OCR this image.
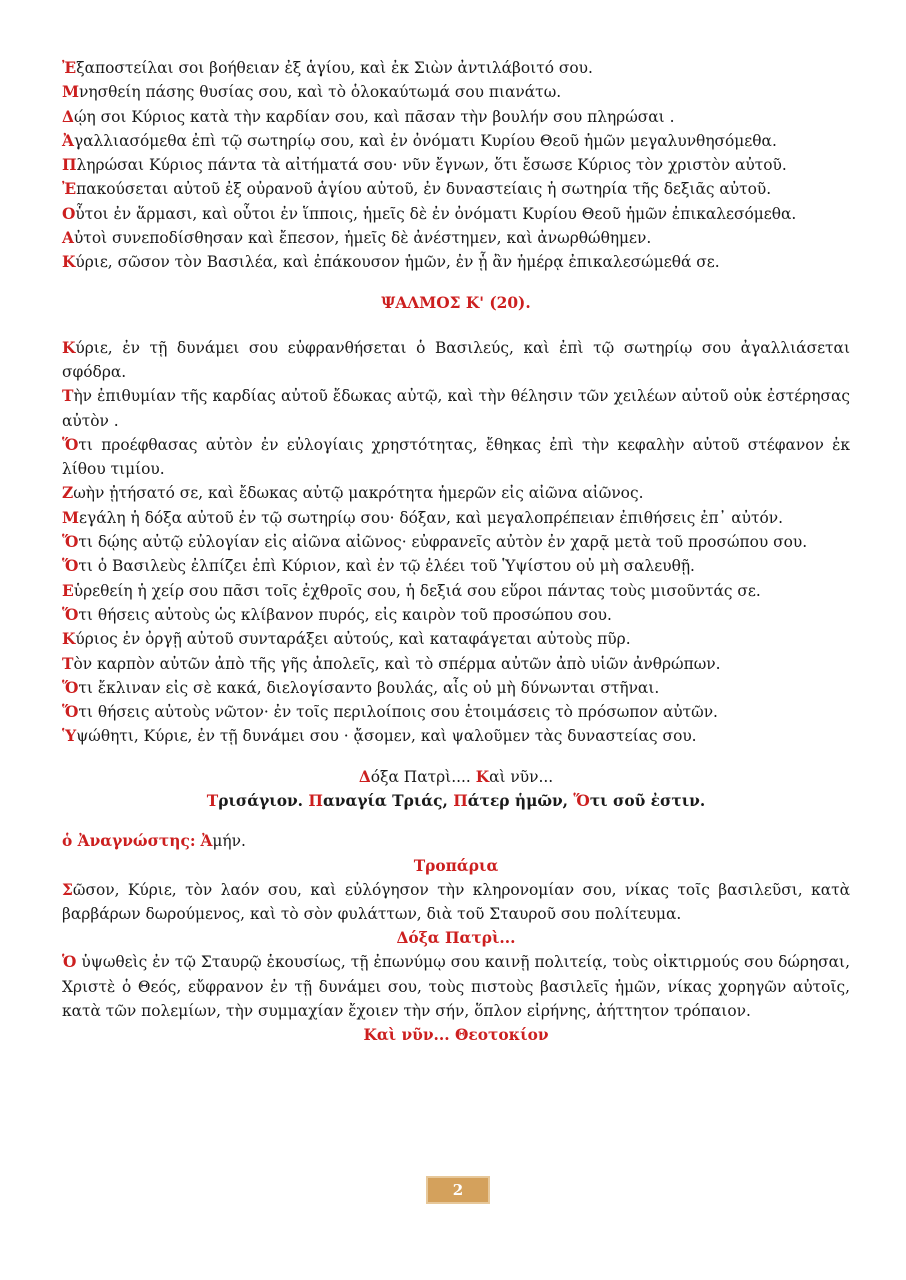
Ἐξαποστείλαι σοι βοήθειαν ἐξ ἁγίου, καὶ ἐκ Σιὼν ἀντιλάβοιτό σου.

Μνησθείη πάσης θυσίας σου, καὶ τὸ ὁλοκαύτωμά σου πιανάτω.

Δῴη σοι Κύριος κατὰ τὴν καρδίαν σου, καὶ πᾶσαν τὴν βουλήν σου πληρώσαι .

Ἀγαλλιασόμεθα ἐπὶ τῷ σωτηρίῳ σου, καὶ ἐν ὀνόματι Κυρίου Θεοῦ ἡμῶν μεγαλυνθησόμεθα.

Πληρώσαι Κύριος πάντα τὰ αἰτήματά σου· νῦν ἔγνων, ὅτι ἔσωσε Κύριος τὸν χριστὸν αὐτοῦ.

Ἐπακούσεται αὐτοῦ ἐξ οὐρανοῦ ἁγίου αὐτοῦ, ἐν δυναστείαις ἡ σωτηρία τῆς δεξιᾶς αὐτοῦ.

Οὗτοι ἐν ἅρμασι, καὶ οὗτοι ἐν ἵπποις, ἡμεῖς δὲ ἐν ὀνόματι Κυρίου Θεοῦ ἡμῶν ἐπικαλεσόμεθα.

Αὐτοὶ συνεποδίσθησαν καὶ ἔπεσον, ἡμεῖς δὲ ἀνέστημεν, καὶ ἀνωρθώθημεν.

Κύριε, σῶσον τὸν Βασιλέα, καὶ ἐπάκουσον ἡμῶν, ἐν ᾗ ἂν ἡμέρᾳ ἐπικαλεσώμεθά σε.

ΨΑΛΜΟΣ Κ' (20).

Κύριε, ἐν τῇ δυνάμει σου εὐφρανθήσεται ὁ Βασιλεύς, καὶ ἐπὶ τῷ σωτηρίῳ σου ἀγαλλιάσεται σφόδρα.

Τὴν ἐπιθυμίαν τῆς καρδίας αὐτοῦ ἔδωκας αὐτῷ, καὶ τὴν θέλησιν τῶν χειλέων αὐτοῦ οὐκ ἐστέρησας αὐτὸν .

Ὅτι προέφθασας αὐτὸν ἐν εὐλογίαις χρηστότητας, ἔθηκας ἐπὶ τὴν κεφαλὴν αὐτοῦ στέφανον ἐκ λίθου τιμίου.

Ζωὴν ᾐτήσατό σε, καὶ ἔδωκας αὐτῷ μακρότητα ἡμερῶν εἰς αἰῶνα αἰῶνος.

Μεγάλη ἡ δόξα αὐτοῦ ἐν τῷ σωτηρίῳ σου· δόξαν, καὶ μεγαλοπρέπειαν ἐπιθήσεις ἐπ᾿ αὐτόν.

Ὅτι δῴης αὐτῷ εὐλογίαν εἰς αἰῶνα αἰῶνος· εὐφρανεῖς αὐτὸν ἐν χαρᾷ μετὰ τοῦ προσώπου σου.

Ὅτι ὁ Βασιλεὺς ἐλπίζει ἐπὶ Κύριον, καὶ ἐν τῷ ἐλέει τοῦ Ὑψίστου οὐ μὴ σαλευθῇ.

Εὑρεθείη ἡ χείρ σου πᾶσι τοῖς ἐχθροῖς σου, ἡ δεξιά σου εὕροι πάντας τοὺς μισοῦντάς σε.

Ὅτι θήσεις αὐτοὺς ὡς κλίβανον πυρός, εἰς καιρὸν τοῦ προσώπου σου.

Κύριος ἐν ὀργῇ αὐτοῦ συνταράξει αὐτούς, καὶ καταφάγεται αὐτοὺς πῦρ.

Τὸν καρπὸν αὐτῶν ἀπὸ τῆς γῆς ἀπολεῖς, καὶ τὸ σπέρμα αὐτῶν ἀπὸ υἱῶν ἀνθρώπων.

Ὅτι ἔκλιναν εἰς σὲ κακά, διελογίσαντο βουλάς, αἷς οὐ μὴ δύνωνται στῆναι.

Ὅτι θήσεις αὐτοὺς νῶτον· ἐν τοῖς περιλοίποις σου ἑτοιμάσεις τὸ πρόσωπον αὐτῶν.

Ὑψώθητι, Κύριε, ἐν τῇ δυνάμει σου · ᾄσομεν, καὶ ψαλοῦμεν τὰς δυναστείας σου.

Δόξα Πατρὶ.... Καὶ νῦν...

Τρισάγιον. Παναγία Τριάς, Πάτερ ἡμῶν, Ὅτι σοῦ ἐστιν.

ὁ Ἀναγνώστης: Ἀμήν.

Τροπάρια

Σῶσον, Κύριε, τὸν λαόν σου, καὶ εὐλόγησον τὴν κληρονομίαν σου, νίκας τοῖς βασιλεῦσι, κατὰ βαρβάρων δωρούμενος, καὶ τὸ σὸν φυλάττων, διὰ τοῦ Σταυροῦ σου πολίτευμα.

Δόξα Πατρὶ...

Ὁ ὑψωθεὶς ἐν τῷ Σταυρῷ ἑκουσίως, τῇ ἐπωνύμῳ σου καινῇ πολιτείᾳ, τοὺς οἰκτιρμούς σου δώρησαι, Χριστὲ ὁ Θεός, εὔφρανον ἐν τῇ δυνάμει σου, τοὺς πιστοὺς βασιλεῖς ἡμῶν, νίκας χορηγῶν αὐτοῖς, κατὰ τῶν πολεμίων, τὴν συμμαχίαν ἔχοιεν τὴν σήν, ὅπλον εἰρήνης, ἀήττητον τρόπαιον.

Καὶ νῦν... Θεοτοκίον

2
